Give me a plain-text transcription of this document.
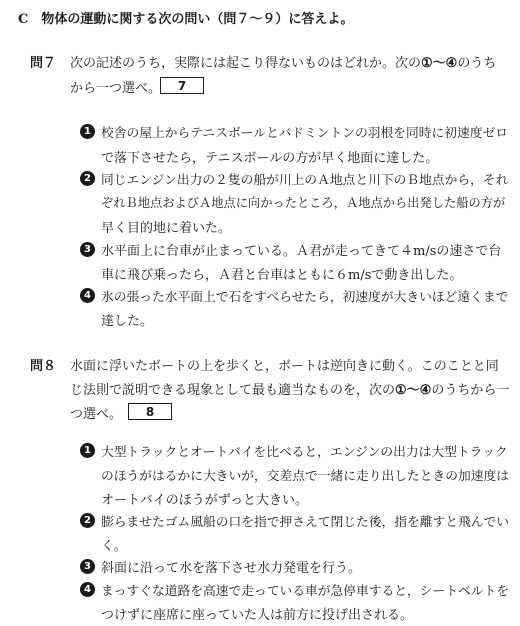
C　物体の運動に関する次の問い（問７～９）に答えよ。
問７ 次の記述のうち，実際には起こり得ないものはどれか。次の①～④のうち
から一つ選べ。	7
1 校舎の屋上からテニスボールとバドミントンの羽根を同時に初速度ゼロ
で落下させたら，テニスボールの方が早く地面に達した。
2 同じエンジン出力の２隻の船が川上のＡ地点と川下のＢ地点から，それ
ぞれＢ地点およびＡ地点に向かったところ，Ａ地点から出発した船の方が
早く目的地に着いた。
3 水平面上に台車が止まっている。Ａ君が走ってきて４m/sの速さで台
車に飛び乗ったら，Ａ君と台車はともに６m/sで動き出した。
4 氷の張った水平面上で石をすべらせたら，初速度が大きいほど遠くまで
達した。
問８ 水面に浮いたボートの上を歩くと，ボートは逆向きに動く。このことと同
じ法則で説明できる現象として最も適当なものを，次の①～④のうちから一
つ選べ。	8
1 大型トラックとオートバイを比べると，エンジンの出力は大型トラック
のほうがはるかに大きいが，交差点で一緒に走り出したときの加速度は
オートバイのほうがずっと大きい。
2 膨らませたゴム風船の口を指で押さえて閉じた後，指を離すと飛んでい
く。
3 斜面に沿って水を落下させ水力発電を行う。
4 まっすぐな道路を高速で走っている車が急停車すると，シートベルトを
つけずに座席に座っていた人は前方に投げ出される。
